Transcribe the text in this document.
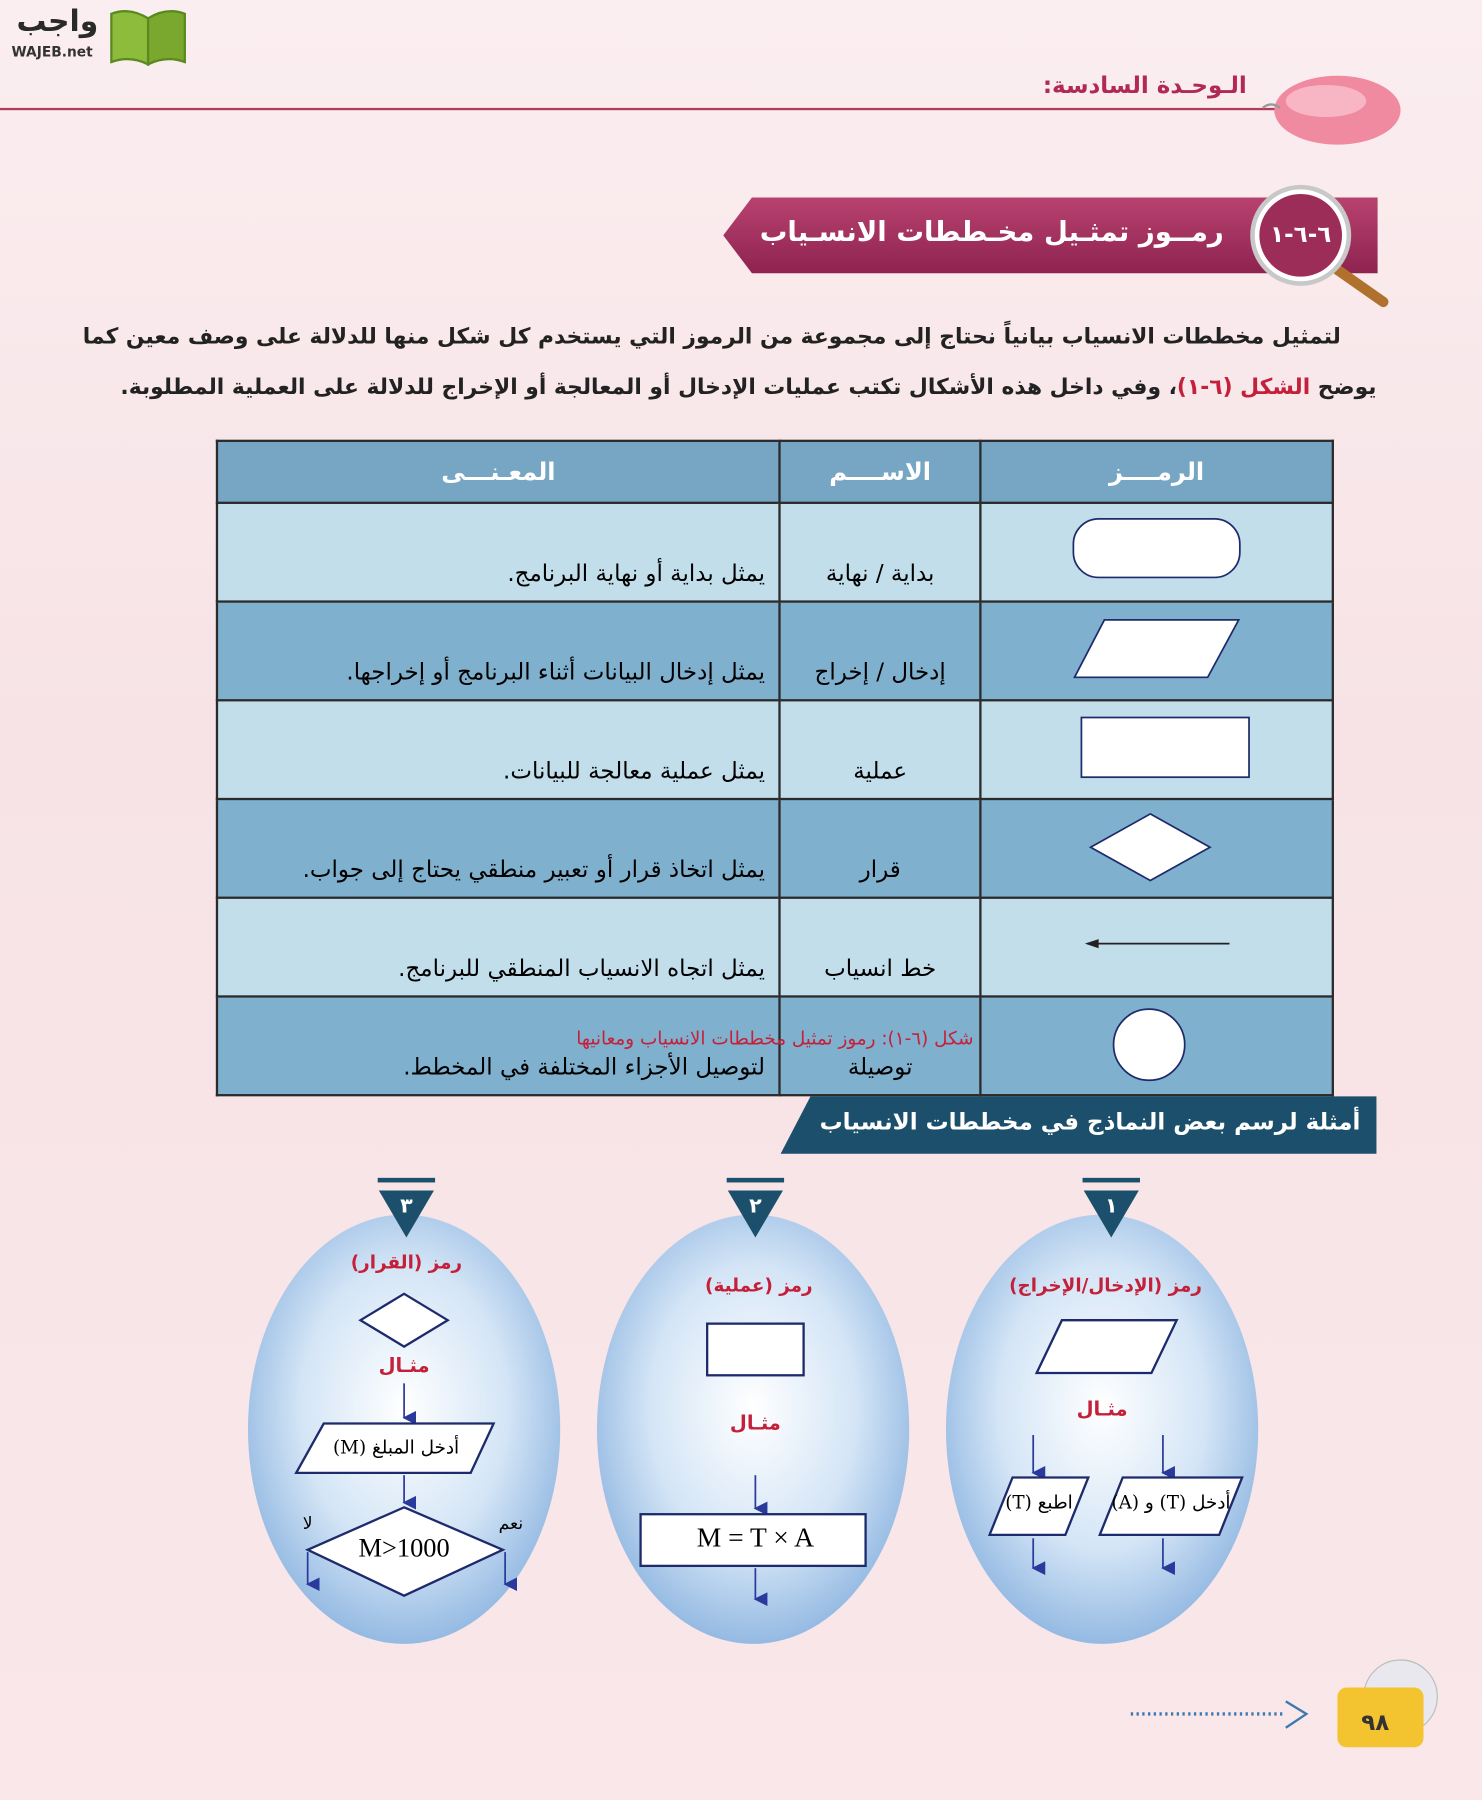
واجب
WAJEB.net
الـوحـدة السادسة:
٦-٦-١
رمــوز تمثـيل مخـططات الانسـياب
لتمثيل مخططات الانسياب بيانياً نحتاج إلى مجموعة من الرموز التي يستخدم كل شكل منها للدلالة على وصف معين كما
يوضح الشكل (٦-١)، وفي داخل هذه الأشكال تكتب عمليات الإدخال أو المعالجة أو الإخراج للدلالة على العملية المطلوبة.
الرمــــز	الاســــم	المعـنـــى
	بداية / نهاية	يمثل بداية أو نهاية البرنامج.
	إدخال / إخراج	يمثل إدخال البيانات أثناء البرنامج أو إخراجها.
	عملية	يمثل عملية معالجة للبيانات.
	قرار	يمثل اتخاذ قرار أو تعبير منطقي يحتاج إلى جواب.
	خط انسياب	يمثل اتجاه الانسياب المنطقي للبرنامج.
	توصيلة	لتوصيل الأجزاء المختلفة في المخطط.
شكل (٦-١): رموز تمثيل مخططات الانسياب ومعانيها
أمثلة لرسم بعض النماذج في مخططات الانسياب
١
رمز (الإدخال/الإخراج)
مثـال
أدخل (T) و (A)
اطبع (T)
٢
رمز (عملية)
مثـال
M = T × A
٣
رمز (القرار)
مثـال
أدخل المبلغ (M)
M>1000
نعم
لا
٩٨
